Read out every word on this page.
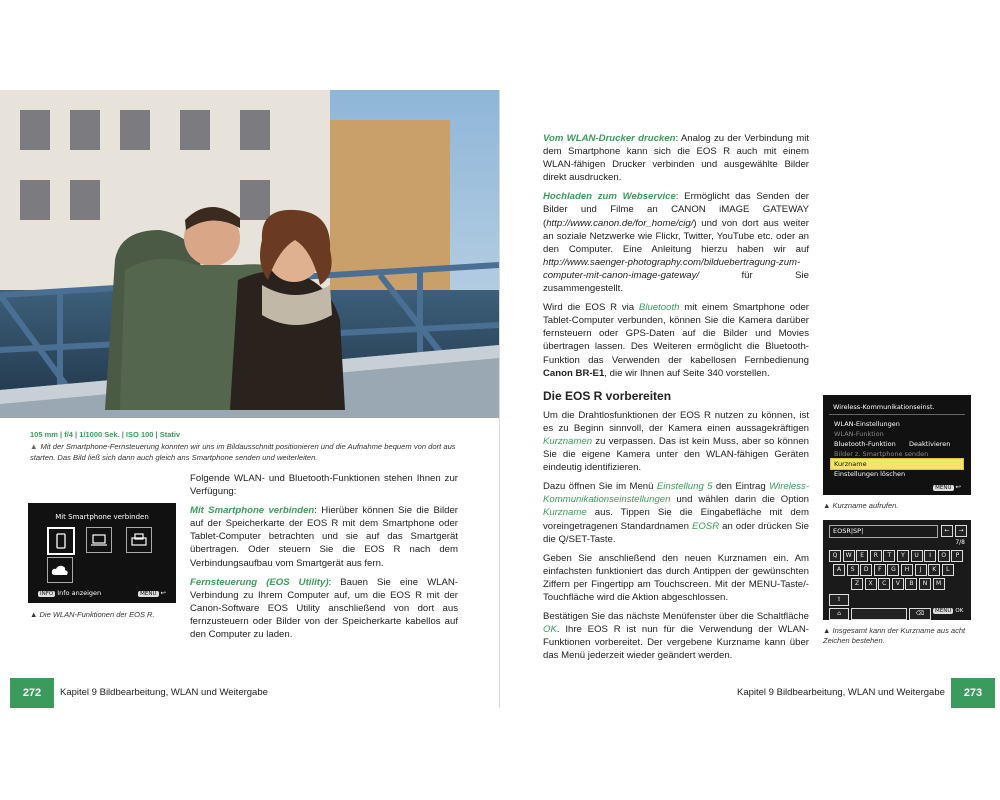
105 mm | f/4 | 1/1000 Sek. | ISO 100 | Stativ
▲ Mit der Smartphone-Fernsteuerung konnten wir uns im Bildausschnitt positionieren und die Aufnahme bequem von dort aus starten. Das Bild ließ sich dann auch gleich ans Smartphone senden und weiterleiten.
Mit Smartphone verbinden
INFO Info anzeigen	MENU ↩
▲ Die WLAN-Funktionen der EOS R.

Folgende WLAN- und Bluetooth-Funktionen stehen Ihnen zur Verfügung:

Mit Smartphone verbinden: Hierüber können Sie die Bilder auf der Speicherkarte der EOS R mit dem Smartphone oder Tablet-Computer betrachten und sie auf das Smartgerät übertragen. Oder steuern Sie die EOS R nach dem Verbindungsaufbau vom Smartgerät aus fern.

Fernsteuerung (EOS Utility): Bauen Sie eine WLAN-Verbindung zu Ihrem Computer auf, um die EOS R mit der Canon-Software EOS Utility anschließend von dort aus fernzusteuern oder Bilder von der Speicherkarte kabellos auf den Computer zu laden.

272	Kapitel 9 Bildbearbeitung, WLAN und Weitergabe

Vom WLAN-Drucker drucken: Analog zu der Verbindung mit dem Smartphone kann sich die EOS R auch mit einem WLAN-fähigen Drucker verbinden und ausgewählte Bilder direkt ausdrucken.

Hochladen zum Webservice: Ermöglicht das Senden der Bilder und Filme an CANON iMAGE GATEWAY (http://www.canon.de/for_home/cig/) und von dort aus weiter an soziale Netzwerke wie Flickr, Twitter, YouTube etc. oder an den Computer. Eine Anleitung hierzu haben wir auf http://www.saenger-photography.com/bilduebertragung-zum-computer-mit-canon-image-gateway/ für Sie zusammengestellt.

Wird die EOS R via Bluetooth mit einem Smartphone oder Tablet-Computer verbunden, können Sie die Kamera darüber fernsteuern oder GPS-Daten auf die Bilder und Movies übertragen lassen. Des Weiteren ermöglicht die Bluetooth-Funktion das Verwenden der kabellosen Fernbedienung Canon BR-E1, die wir Ihnen auf Seite 340 vorstellen.

Die EOS R vorbereiten

Um die Drahtlosfunktionen der EOS R nutzen zu können, ist es zu Beginn sinnvoll, der Kamera einen aussagekräftigen Kurznamen zu verpassen. Das ist kein Muss, aber so können Sie die eigene Kamera unter den WLAN-fähigen Geräten eindeutig identifizieren.

Dazu öffnen Sie im Menü Einstellung 5 den Eintrag Wireless-Kommunikationseinstellungen und wählen darin die Option Kurzname aus. Tippen Sie die Eingabefläche mit dem voreingetragenen Standardnamen EOSR an oder drücken Sie die Q/SET-Taste.

Geben Sie anschließend den neuen Kurznamen ein. Am einfachsten funktioniert das durch Antippen der gewünschten Ziffern per Fingertipp am Touchscreen. Mit der MENU-Taste/-Touchfläche wird die Aktion abgeschlossen.

Bestätigen Sie das nächste Menüfenster über die Schaltfläche OK. Ihre EOS R ist nun für die Verwendung der WLAN-Funktionen vorbereitet. Der vergebene Kurzname kann über das Menü jederzeit wieder geändert werden.

Wireless-Kommunikationseinst.
WLAN-Einstellungen
WLAN-Funktion
Bluetooth-Funktion Deaktivieren
Bilder z. Smartphone senden
Kurzname
Einstellungen löschen
MENU ↩
▲ Kurzname aufrufen.
EOSR|SP|	←	→
7/8
Q	W	E	R	T	Y	U	I	O	P
A	S	D	F	G	H	J	K	L
Z	X	C	V	B	N	M
⇧
⌂	⌫	MENU OK
▲ Insgesamt kann der Kurzname aus acht Zeichen bestehen.
Kapitel 9 Bildbearbeitung, WLAN und Weitergabe	273
